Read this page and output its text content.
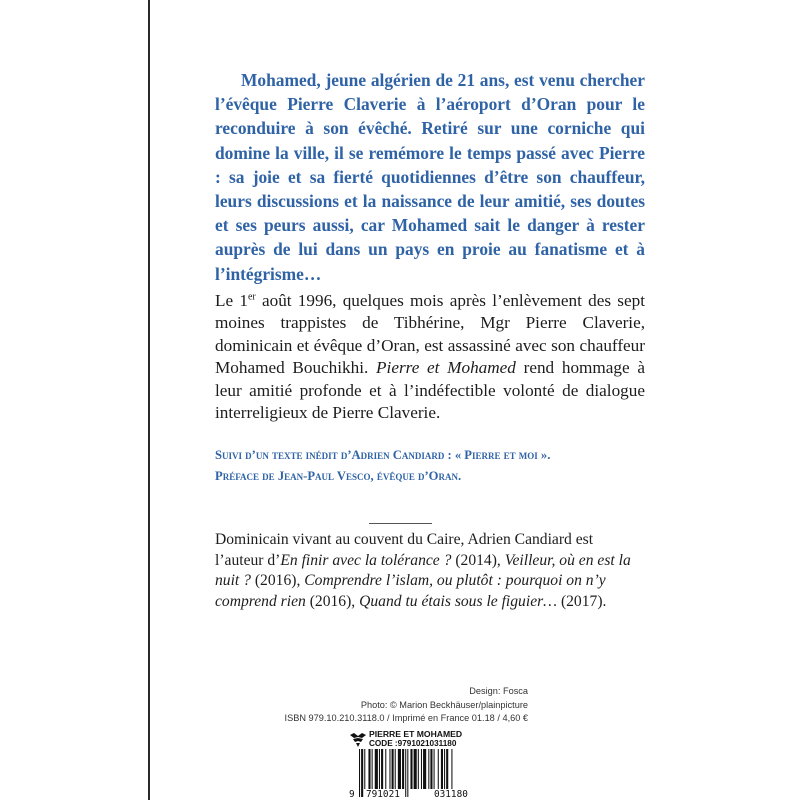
Mohamed, jeune algérien de 21 ans, est venu chercher l’évêque Pierre Claverie à l’aéroport d’Oran pour le reconduire à son évêché. Retiré sur une corniche qui domine la ville, il se remémore le temps passé avec Pierre : sa joie et sa fierté quotidiennes d’être son chauffeur, leurs discussions et la naissance de leur amitié, ses doutes et ses peurs aussi, car Mohamed sait le danger à rester auprès de lui dans un pays en proie au fanatisme et à l’intégrisme…

Le 1er août 1996, quelques mois après l’enlèvement des sept moines trappistes de Tibhérine, Mgr Pierre Claverie, dominicain et évêque d’Oran, est assassiné avec son chauffeur Mohamed Bouchikhi. Pierre et Mohamed rend hommage à leur amitié profonde et à l’indéfectible volonté de dialogue interreligieux de Pierre Claverie.

Suivi d’un texte inédit d’Adrien Candiard : « Pierre et moi ».

Préface de Jean-Paul Vesco, évêque d’Oran.

Dominicain vivant au couvent du Caire, Adrien Candiard est l’auteur d’En finir avec la tolérance ? (2014), Veilleur, où en est la nuit ? (2016), Comprendre l’islam, ou plutôt : pourquoi on n’y comprend rien (2016), Quand tu étais sous le figuier… (2017).

Design: Fosca
Photo: © Marion Beckhäuser/plainpicture
ISBN 979.10.210.3118.0 / Imprimé en France 01.18 / 4,60 €
PIERRE ET MOHAMED
CODE :9791021031180
9 791021	031180
